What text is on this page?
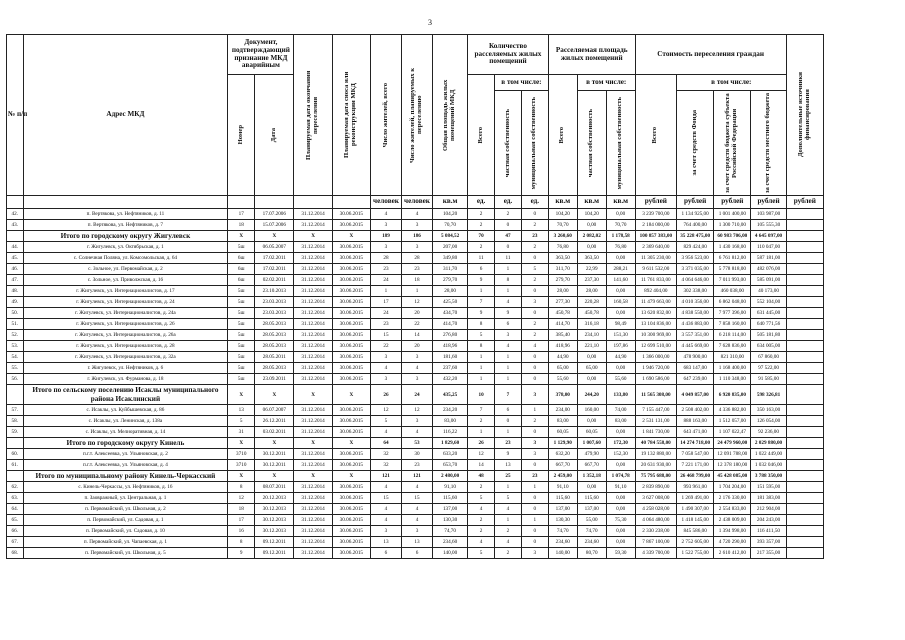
3
№ п/п	Адрес МКД	Документ, подтверждающий признание МКД аварийным		Планируемая дата окончания переселения	Планируемая дата сноса или реконструкции МКД	Число жителей, всего	Число жителей, планируемых к переселению	Общая площадь жилых помещений МКД	Количество расселяемых жилых помещений			Расселяемая площадь жилых помещений			Стоимость переселения граждан				Дополнительные источники финансирования

		Номер	Дата						Всего	в том числе:		Всего	в том числе:		Всего	в том числе:			

										частная собственность	муниципальная собственность		частная собственность	муниципальная собственность		за счет средств Фонда	за счет средств бюджета субъекта Российской Федерации	за счет средств местного бюджета	

						человек	человек	кв.м	ед.	ед.	ед.	кв.м	кв.м	кв.м	рублей	рублей	рублей	рублей	рублей
42.	п. Вертякова, ул. Нефтяников, д. 11	17	17.07.2006	31.12.2014	30.06.2015	4	4	104,20	2	2	0	104,20	104,20	0,00	3 239 700,00	1 134 925,00	1 001 400,00	103 987,00	
43.	п. Вертякова, ул. Нефтяников, д. 7	18	15.07.2006	31.12.2014	30.06.2015	3	3	70,70	2	0	2	70,70	0,00	70,70	2 184 000,00	764 400,00	1 300 710,00	105 555,30	
	Итого по городскому округу Жигулевск	X	X	X	X	189	186	5 084,52	70	47	23	3 260,60	2 082,02	1 178,58	100 857 383,00	35 228 475,00	60 983 706,00	4 645 097,00	
44.	г. Жигулевск, ул. Октябрьская, д. 1	5ш	06.05.2007	31.12.2014	30.06.2015	3	3	207,00	2	0	2	76,80	0,00	76,80	2 369 640,00	829 424,00	1 430 168,00	110 047,00	
45.	с. Солнечная Поляна, ул. Комсомольская, д. 64	6ш	17.02.2011	31.12.2014	30.06.2015	28	28	349,80	11	11	0	363,50	363,50	0,00	11 305 230,00	3 956 523,00	6 761 812,00	587 181,00	
46.	с. Зольное, ул. Первомайская, д. 2	6ш	17.02.2011	31.12.2014	30.06.2015	23	23	311,70	6	1	5	311,70	22,99	288,21	9 611 532,00	3 371 035,00	5 778 818,00	482 076,00	
47.	с. Зольное, ул. Приволжская, д. 16	6ш	02.02.2011	31.12.2014	30.06.2015	24	18	279,70	9	8	2	279,70	237,30	141,60	11 761 833,00	4 064 646,00	7 011 993,00	585 091,00	
48.	г. Жигулевск, ул. Интернационалистов, д. 17	5ш	23.10.2013	31.12.2014	30.06.2015	1	1	28,00	1	1	0	28,00	28,00	0,00	892 404,00	302 338,00	460 038,00	40 173,00	
49.	г. Жигулевск, ул. Интернационалистов, д. 24	5ш	23.03.2013	31.12.2014	30.06.2015	17	12	425,50	7	4	3	277,30	220,28	160,58	11 479 663,00	4 010 356,00	6 862 048,00	552 104,00	
50.	г. Жигулевск, ул. Интернационалистов, д. 24а	5ш	23.03.2013	31.12.2014	30.06.2015	24	20	434,70	9	9	0	450,78	450,78	0,00	13 620 832,00	4 838 550,00	7 977 396,00	631 445,00	
51.	г. Жигулевск, ул. Интернационалистов, д. 26	5ш	28.05.2013	31.12.2014	30.06.2015	23	22	414,70	8	6	2	414,70	316,18	98,49	13 104 836,00	4 436 883,00	7 858 160,00	640 771,56	
52.	г. Жигулевск, ул. Интернационалистов, д. 26а	5ш	28.05.2013	31.12.2014	30.06.2015	15	14	276,80	5	3	2	385,40	234,10	151,30	10 300 969,00	3 557 351,00	6 218 114,00	505 181,80	
53.	г. Жигулевск, ул. Интернационалистов, д. 28	5ш	28.05.2013	31.12.2014	30.06.2015	22	20	418,96	8	4	4	418,96	221,10	197,86	12 699 510,00	4 445 669,00	7 628 836,00	634 005,00	
54.	г. Жигулевск, ул. Интернационалистов, д. 32а	5ш	28.05.2011	31.12.2014	30.06.2015	3	3	181,60	1	1	0	44,90	0,00	44,90	1 366 000,00	478 900,00	821 310,00	67 860,00	
55.	г. Жигулевск, ул. Нефтяников, д. 6	5ш	28.05.2013	31.12.2014	30.06.2015	4	4	237,60	1	1	0	65,00	65,00	0,00	1 946 720,00	683 147,00	1 168 400,00	97 522,00	
56.	г. Жигулевск, ул. Фурманова, д. 18	5ш	23.09.2011	31.12.2014	30.06.2015	3	3	432,20	1	1	0	55,60	0,00	55,60	1 690 586,00	647 239,00	1 110 348,00	91 585,00	
	Итого по сельскому поселению Исаклы муниципального района Исаклинский	X	X	X	X	26	24	435,25	10	7	3	378,00	244,20	133,80	11 565 308,00	4 049 857,00	6 920 835,00	598 326,81	
57.	с. Исаклы, ул. Куйбышевская, д. 86	13	06.07.2007	31.12.2014	30.06.2015	12	12	234,20	7	6	1	234,00	160,00	74,00	7 155 447,00	2 508 402,00	4 336 882,00	350 163,00	
58.	с. Исаклы, ул. Ленинская, д. 138а	5	26.12.2011	31.12.2014	30.06.2015	5	3	83,00	2	0	2	83,00	0,00	83,00	2 531 131,00	888 163,00	1 512 057,00	126 054,00	
59.	с. Исаклы, ул. Мелиоративная, д. 14	31	03.02.2011	31.12.2014	30.06.2015	4	4	116,22	1	1	0	60,05	60,05	0,00	1 841 730,00	643 471,00	1 107 022,47	92 236,00	
	Итого по городскому округу Кинель	X	X	X	X	64	53	1 829,60	26	23	3	1 129,90	1 007,60	172,30	40 784 558,00	14 274 718,00	24 479 960,00	2 029 880,00	
60.	п.г.т. Алексеевка, ул. Ульяновская, д. 2	3710	30.12.2011	31.12.2014	30.06.2015	32	30	633,20	12	9	3	632,20	479,90	152,30	19 132 880,00	7 058 547,00	12 091 788,00	1 022 449,00	
61.	п.г.т. Алексеевка, ул. Ульяновская, д. 4	3710	30.12.2011	31.12.2014	30.06.2015	32	23	653,70	14	13	0	667,70	667,70	0,00	20 631 930,00	7 221 171,00	12 378 180,00	1 032 046,00	
	Итого по муниципальному району Кинель-Черкасский	X	X	X	X	121	121	2 480,00	48	25	23	2 459,00	1 352,18	1 074,78	75 795 688,00	26 468 799,00	45 428 085,00	3 788 350,00	
62.	с. Кинель-Черкассы, ул. Нефтяников, д. 16	8	08.07.2011	31.12.2014	30.06.2015	4	4	91,10	2	1	1	91,10	0,00	91,10	2 839 890,00	993 961,00	1 704 204,00	151 595,00	
63.	п. Заовражный, ул. Центральная, д. 1	12	20.12.2013	31.12.2014	30.06.2015	15	15	115,60	5	5	0	115,60	115,60	0,00	3 627 008,00	1 269 491,00	2 176 330,00	181 383,00	
64.	п. Первомайский, ул. Школьная, д. 2	18	30.12.2013	31.12.2014	30.06.2015	4	4	137,00	4	4	0	137,00	137,00	0,00	4 258 028,00	1 490 307,00	2 554 833,00	212 904,00	
65.	п. Первомайский, ул. Садовая, д. 1	17	30.12.2013	31.12.2014	30.06.2015	4	4	130,30	2	1	1	130,30	55,00	75,30	4 064 480,00	1 418 145,00	2 438 009,00	204 243,00	
66.	п. Первомайский, ул. Садовая, д. 10	16	30.12.2013	31.12.2014	30.06.2015	3	3	74,70	2	2	0	74,70	74,70	0,00	2 330 238,00	845 586,00	1 394 998,00	116 411,50	
67.	п. Первомайский, ул. Чапаевская, д. 1	8	09.12.2011	31.12.2014	30.06.2015	13	13	234,60	4	4	0	234,60	234,60	0,00	7 867 100,00	2 752 605,00	4 720 290,00	393 357,00	
68.	п. Первомайский, ул. Школьная, д. 5	9	09.12.2011	31.12.2014	30.06.2015	6	6	140,00	5	2	3	140,00	80,70	59,30	4 339 700,00	1 522 755,00	2 610 412,00	217 355,00	
